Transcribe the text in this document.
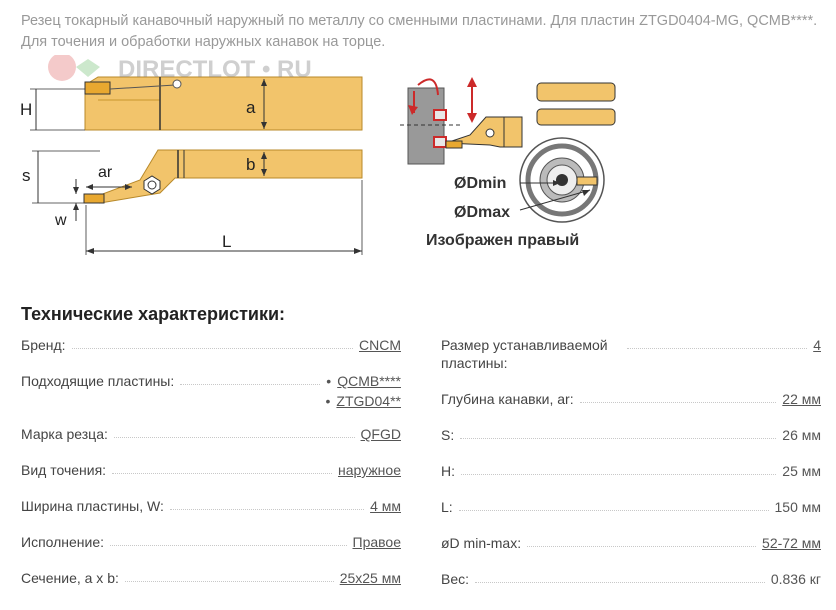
Резец токарный канавочный наружный по металлу со сменными пластинами. Для пластин ZTGD0404-MG, QCMB****. Для точения и обработки наружных канавок на торце.
H	a
DIRECTLOT • RU
s	ar
w
b
L
ØDmin
ØDmax
Изображен правый
Технические характеристики:
Бренд:	CNCM
Подходящие пластины:
•	QCMB****
• ZTGD04**
Марка резца:	QFGD
Вид точения:	наружное
Ширина пластины, W:	4 мм
Исполнение:	Правое
Сечение, a x b:	25x25 мм
Размер устанавливаемой пластины:
4
Глубина канавки, ar:	22 мм
S:	26 мм
H:	25 мм
L:	150 мм
øD min-max:	52-72 мм
Вес:	0.836 кг
